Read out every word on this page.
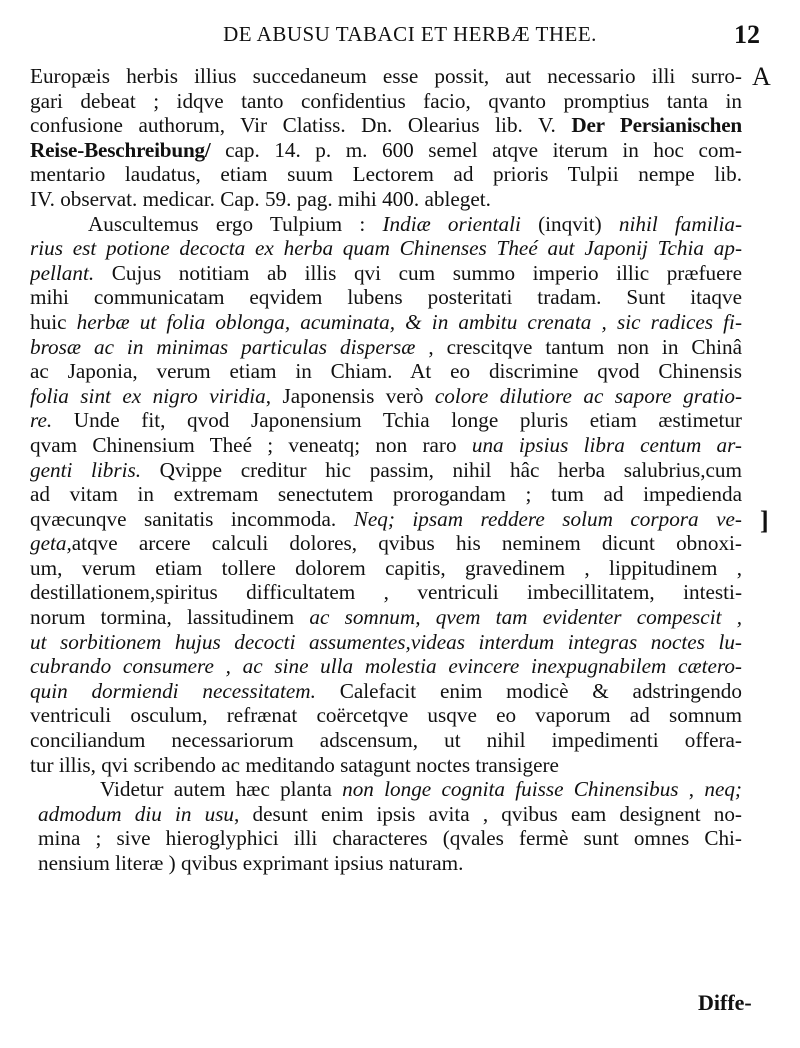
DE ABUSU TABACI ET HERBÆ THEE.	12
A
]
Europæis herbis illius succedaneum esse possit, aut necessario illi surro-
gari debeat ; idqve tanto confidentius facio, qvanto promptius tanta in
confusione authorum, Vir Clatiss. Dn. Olearius lib. V. Der Persianischen
Reise-Beschreibung/ cap. 14. p. m. 600 semel atqve iterum in hoc com-
mentario laudatus, etiam suum Lectorem ad prioris Tulpii nempe lib.
IV. observat. medicar. Cap. 59. pag. mihi 400. ableget.
Auscultemus ergo Tulpium : Indiæ orientali (inqvit) nihil familia-
rius est potione decocta ex herba quam Chinenses Theé aut Japonij Tchia ap-
pellant. Cujus notitiam ab illis qvi cum summo imperio illic præfuere
mihi communicatam eqvidem lubens posteritati tradam. Sunt itaqve
huic herbæ ut folia oblonga, acuminata, & in ambitu crenata , sic radices fi-
brosæ ac in minimas particulas dispersæ , crescitqve tantum non in Chinâ
ac Japonia, verum etiam in Chiam. At eo discrimine qvod Chinensis
folia sint ex nigro viridia, Japonensis verò colore dilutiore ac sapore gratio-
re. Unde fit, qvod Japonensium Tchia longe pluris etiam æstimetur
qvam Chinensium Theé ; veneatq; non raro una ipsius libra centum ar-
genti libris. Qvippe creditur hic passim, nihil hâc herba salubrius,cum
ad vitam in extremam senectutem prorogandam ; tum ad impedienda
qvæcunqve sanitatis incommoda. Neq; ipsam reddere solum corpora ve-
geta,atqve arcere calculi dolores, qvibus his neminem dicunt obnoxi-
um, verum etiam tollere dolorem capitis, gravedinem , lippitudinem ,
destillationem,spiritus difficultatem , ventriculi imbecillitatem, intesti-
norum tormina, lassitudinem ac somnum, qvem tam evidenter compescit ,
ut sorbitionem hujus decocti assumentes,videas interdum integras noctes lu-
cubrando consumere , ac sine ulla molestia evincere inexpugnabilem cætero-
quin dormiendi necessitatem. Calefacit enim modicè & adstringendo
ventriculi osculum, refrænat coërcetqve usqve eo vaporum ad somnum
conciliandum necessariorum adscensum, ut nihil impedimenti offera-
tur illis, qvi scribendo ac meditando satagunt noctes transigere
Videtur autem hæc planta non longe cognita fuisse Chinensibus , neq;
admodum diu in usu, desunt enim ipsis avita , qvibus eam designent no-
mina ; sive hieroglyphici illi characteres (qvales fermè sunt omnes Chi-
nensium literæ ) qvibus exprimant ipsius naturam.
Diffe-
